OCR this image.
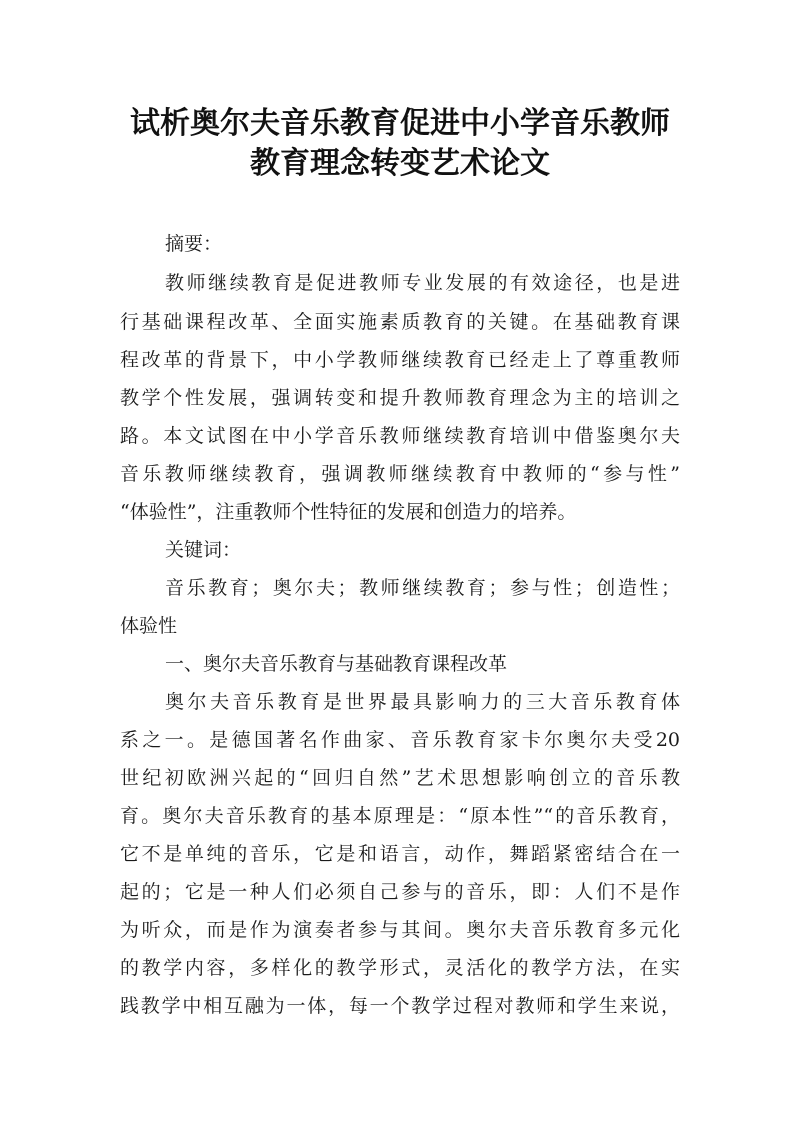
试析奥尔夫音乐教育促进中小学音乐教师
教育理念转变艺术论文
摘要：
教师继续教育是促进教师专业发展的有效途径，也是进
行基础课程改革、全面实施素质教育的关键。在基础教育课
程改革的背景下，中小学教师继续教育已经走上了尊重教师
教学个性发展，强调转变和提升教师教育理念为主的培训之
路。本文试图在中小学音乐教师继续教育培训中借鉴奥尔夫
音乐教师继续教育，强调教师继续教育中教师的“参与性”
“体验性”，注重教师个性特征的发展和创造力的培养。
关键词：
音乐教育；奥尔夫；教师继续教育；参与性；创造性；
体验性
一、奥尔夫音乐教育与基础教育课程改革
奥尔夫音乐教育是世界最具影响力的三大音乐教育体
系之一。是德国著名作曲家、音乐教育家卡尔奥尔夫受20
世纪初欧洲兴起的“回归自然”艺术思想影响创立的音乐教
育。奥尔夫音乐教育的基本原理是：“原本性”“的音乐教育，
它不是单纯的音乐，它是和语言，动作，舞蹈紧密结合在一
起的；它是一种人们必须自己参与的音乐，即：人们不是作
为听众，而是作为演奏者参与其间。奥尔夫音乐教育多元化
的教学内容，多样化的教学形式，灵活化的教学方法，在实
践教学中相互融为一体，每一个教学过程对教师和学生来说，
